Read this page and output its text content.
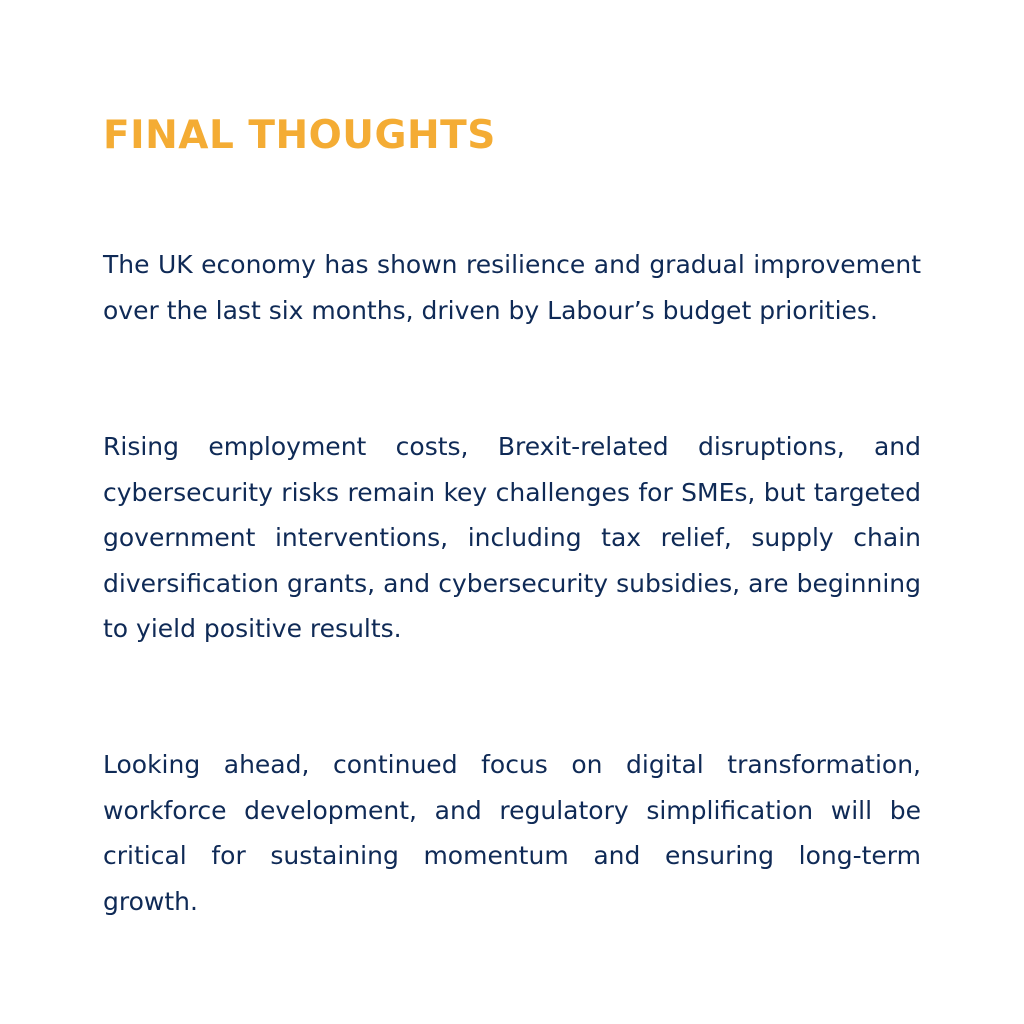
FINAL THOUGHTS

The UK economy has shown resilience and gradual improvement over the last six months, driven by Labour’s budget priorities.

Rising employment costs, Brexit-related disruptions, and cybersecurity risks remain key challenges for SMEs, but targeted government interventions, including tax relief, supply chain diversification grants, and cybersecurity subsidies, are beginning to yield positive results.

Looking ahead, continued focus on digital transformation, workforce development, and regulatory simplification will be critical for sustaining momentum and ensuring long-term growth.
